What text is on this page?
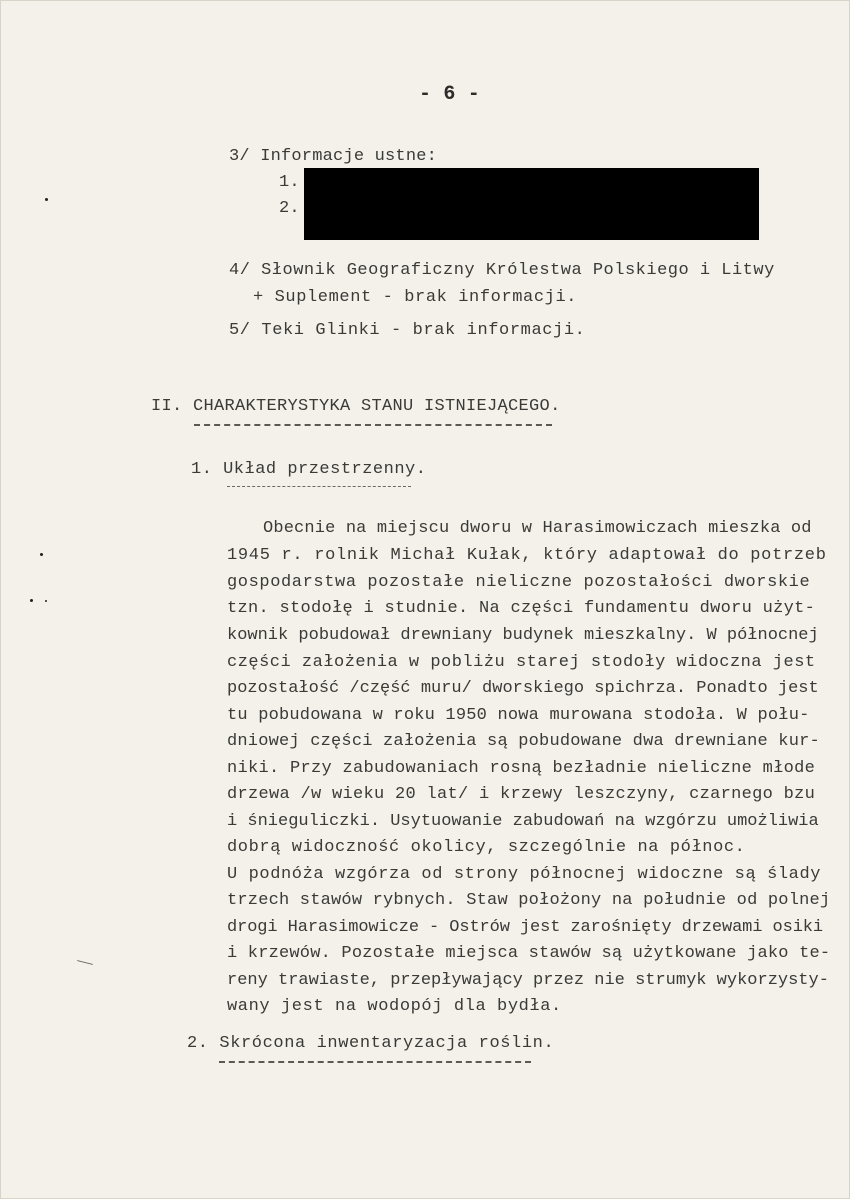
- 6 -
3/ Informacje ustne:
1.
2.
4/ Słownik Geograficzny Królestwa Polskiego i Litwy
+ Suplement - brak informacji.
5/ Teki Glinki - brak informacji.
II. CHARAKTERYSTYKA STANU ISTNIEJĄCEGO.
1. Układ przestrzenny.
Obecnie na miejscu dworu w Harasimowiczach mieszka od
1945 r. rolnik Michał Kułak, który adaptował do potrzeb
gospodarstwa pozostałe nieliczne pozostałości dworskie
tzn. stodołę i studnie. Na części fundamentu dworu użyt-
kownik pobudował drewniany budynek mieszkalny. W północnej
części założenia w pobliżu starej stodoły widoczna jest
pozostałość /część muru/ dworskiego spichrza. Ponadto jest
tu pobudowana w roku 1950 nowa murowana stodoła. W połu-
dniowej części założenia są pobudowane dwa drewniane kur-
niki. Przy zabudowaniach rosną bezładnie nieliczne młode
drzewa /w wieku 20 lat/ i krzewy leszczyny, czarnego bzu
i śnieguliczki. Usytuowanie zabudowań na wzgórzu umożliwia
dobrą widoczność okolicy, szczególnie na północ.
U podnóża wzgórza od strony północnej widoczne są ślady
trzech stawów rybnych. Staw położony na południe od polnej
drogi Harasimowicze - Ostrów jest zarośnięty drzewami osiki
i krzewów. Pozostałe miejsca stawów są użytkowane jako te-
reny trawiaste, przepływający przez nie strumyk wykorzysty-
wany jest na wodopój dla bydła.
2. Skrócona inwentaryzacja roślin.
